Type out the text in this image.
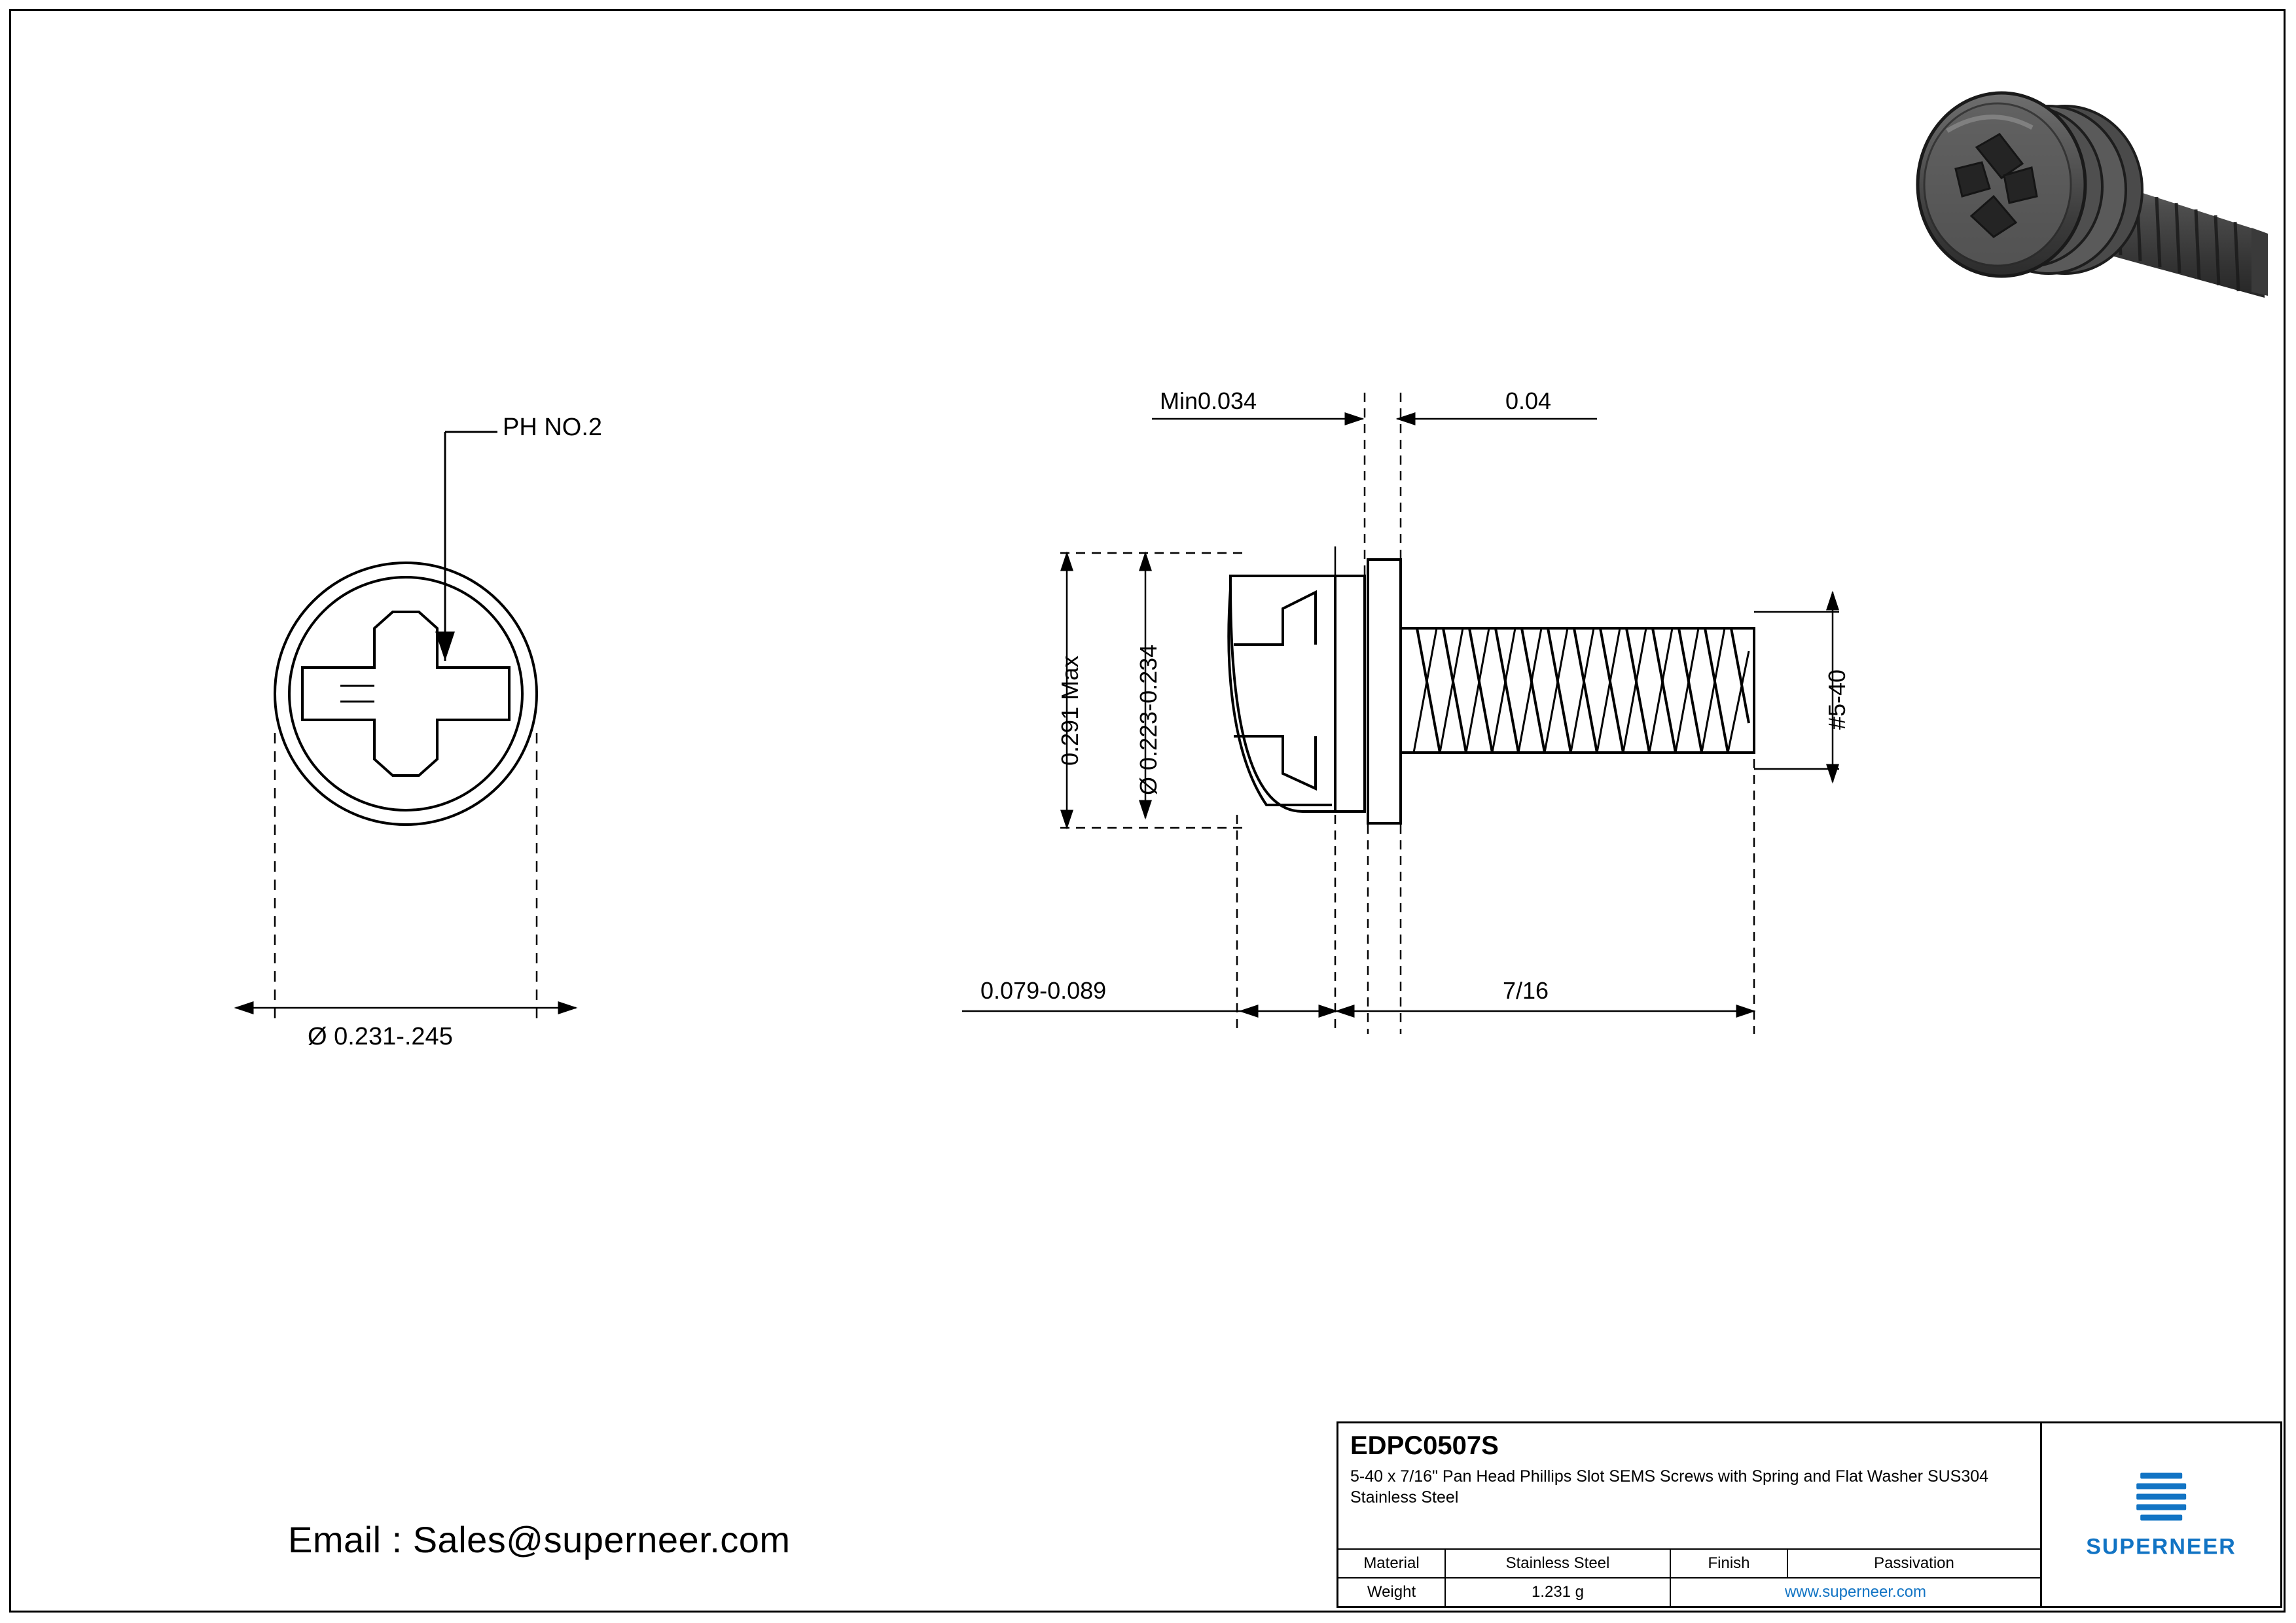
PH NO.2
Ø 0.231-.245
Min0.034	0.04
0.291 Max Ø 0.223-0.234	#5-40
0.079-0.089	7/16
Email : Sales@superneer.com
EDPC0507S
5-40 x 7/16" Pan Head Phillips Slot SEMS Screws with Spring and Flat Washer SUS304 Stainless Steel
Material	Stainless Steel	Finish	Passivation
Weight	1.231 g	www.superneer.com	
SUPERNEER
